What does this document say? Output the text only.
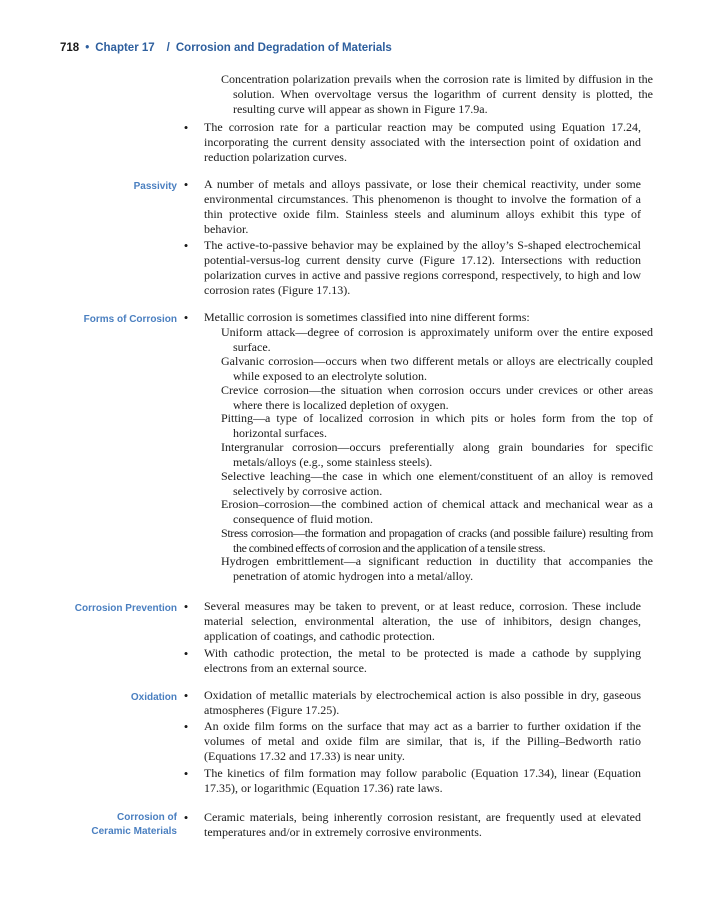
718 • Chapter 17 / Corrosion and Degradation of Materials
Concentration polarization prevails when the corrosion rate is limited by diffusion in the solution. When overvoltage versus the logarithm of current density is plotted, the resulting curve will appear as shown in Figure 17.9a.
• The corrosion rate for a particular reaction may be computed using Equation 17.24, incorporating the current density associated with the intersection point of oxidation and reduction polarization curves.
Passivity • A number of metals and alloys passivate, or lose their chemical reactivity, under some environmental circumstances. This phenomenon is thought to involve the formation of a thin protective oxide film. Stainless steels and aluminum alloys exhibit this type of behavior.
• The active-to-passive behavior may be explained by the alloy’s S-shaped electrochemical potential-versus-log current density curve (Figure 17.12). Intersections with reduction polarization curves in active and passive regions correspond, respectively, to high and low corrosion rates (Figure 17.13).
Forms of Corrosion • Metallic corrosion is sometimes classified into nine different forms:
Uniform attack—degree of corrosion is approximately uniform over the entire exposed surface.
Galvanic corrosion—occurs when two different metals or alloys are electrically coupled while exposed to an electrolyte solution.
Crevice corrosion—the situation when corrosion occurs under crevices or other areas where there is localized depletion of oxygen.
Pitting—a type of localized corrosion in which pits or holes form from the top of horizontal surfaces.
Intergranular corrosion—occurs preferentially along grain boundaries for specific metals/alloys (e.g., some stainless steels).
Selective leaching—the case in which one element/constituent of an alloy is removed selectively by corrosive action.
Erosion–corrosion—the combined action of chemical attack and mechanical wear as a consequence of fluid motion.
Stress corrosion—the formation and propagation of cracks (and possible failure) resulting from the combined effects of corrosion and the application of a tensile stress.
Hydrogen embrittlement—a significant reduction in ductility that accompanies the penetration of atomic hydrogen into a metal/alloy.
Corrosion Prevention • Several measures may be taken to prevent, or at least reduce, corrosion. These include material selection, environmental alteration, the use of inhibitors, design changes, application of coatings, and cathodic protection.
• With cathodic protection, the metal to be protected is made a cathode by supplying electrons from an external source.
Oxidation • Oxidation of metallic materials by electrochemical action is also possible in dry, gaseous atmospheres (Figure 17.25).
• An oxide film forms on the surface that may act as a barrier to further oxidation if the volumes of metal and oxide film are similar, that is, if the Pilling–Bedworth ratio (Equations 17.32 and 17.33) is near unity.
• The kinetics of film formation may follow parabolic (Equation 17.34), linear (Equation 17.35), or logarithmic (Equation 17.36) rate laws.
Corrosion of
Ceramic Materials
• Ceramic materials, being inherently corrosion resistant, are frequently used at elevated temperatures and/or in extremely corrosive environments.
